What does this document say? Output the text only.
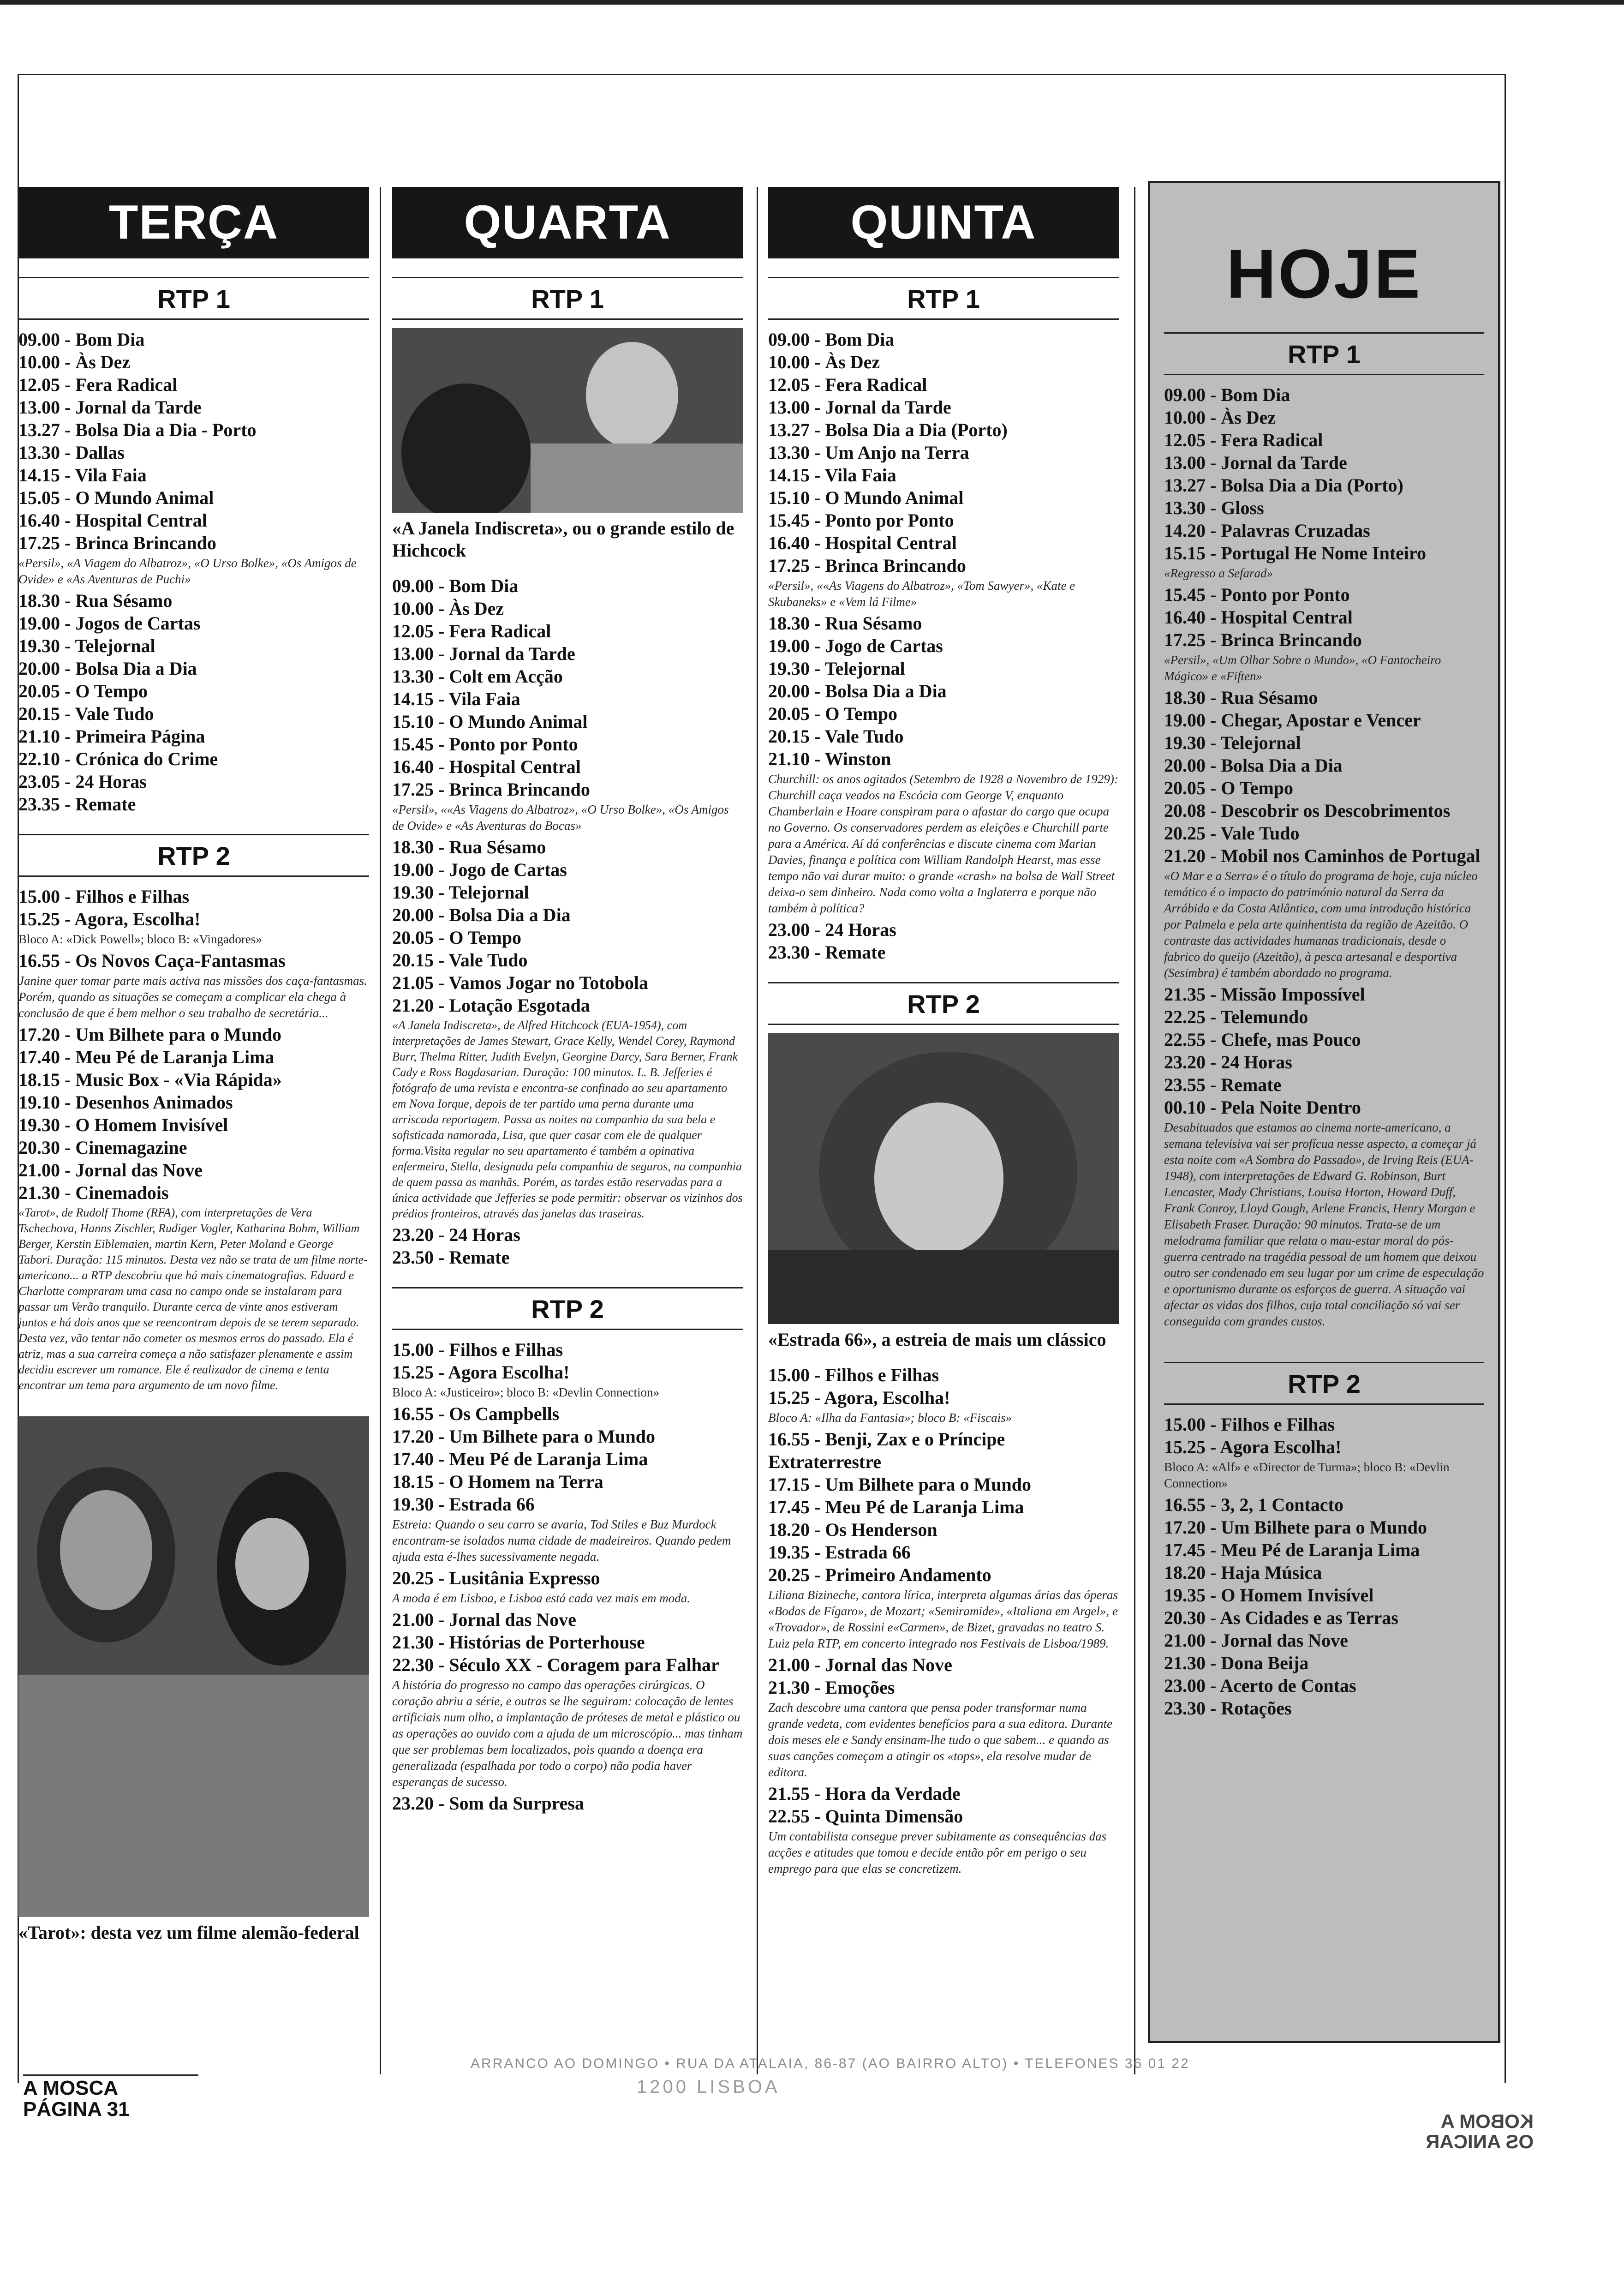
TERÇA
RTP 1
09.00 - Bom Dia
10.00 - Às Dez
12.05 - Fera Radical
13.00 - Jornal da Tarde
13.27 - Bolsa Dia a Dia - Porto
13.30 - Dallas
14.15 - Vila Faia
15.05 - O Mundo Animal
16.40 - Hospital Central
17.25 - Brinca Brincando
«Persil», «A Viagem do Albatroz», «O Urso Bolke», «Os Amigos de Ovide» e «As Aventuras de Puchi»
18.30 - Rua Sésamo
19.00 - Jogos de Cartas
19.30 - Telejornal
20.00 - Bolsa Dia a Dia
20.05 - O Tempo
20.15 - Vale Tudo
21.10 - Primeira Página
22.10 - Crónica do Crime
23.05 - 24 Horas
23.35 - Remate
RTP 2
15.00 - Filhos e Filhas
15.25 - Agora, Escolha!
Bloco A: «Dick Powell»; bloco B: «Vingadores»
16.55 - Os Novos Caça-Fantasmas
Janine quer tomar parte mais activa nas missões dos caça-fantasmas. Porém, quando as situações se começam a complicar ela chega à conclusão de que é bem melhor o seu trabalho de secretária...
17.20 - Um Bilhete para o Mundo
17.40 - Meu Pé de Laranja Lima
18.15 - Music Box - «Via Rápida»
19.10 - Desenhos Animados
19.30 - O Homem Invisível
20.30 - Cinemagazine
21.00 - Jornal das Nove
21.30 - Cinemadois
«Tarot», de Rudolf Thome (RFA), com interpretações de Vera Tschechova, Hanns Zischler, Rudiger Vogler, Katharina Bohm, William Berger, Kerstin Eiblemaien, martin Kern, Peter Moland e George Tabori. Duração: 115 minutos. Desta vez não se trata de um filme norte-americano... a RTP descobriu que há mais cinematografias. Eduard e Charlotte compraram uma casa no campo onde se instalaram para passar um Verão tranquilo. Durante cerca de vinte anos estiveram juntos e há dois anos que se reencontram depois de se terem separado. Desta vez, vão tentar não cometer os mesmos erros do passado. Ela é atriz, mas a sua carreira começa a não satisfazer plenamente e assim decidiu escrever um romance. Ele é realizador de cinema e tenta encontrar um tema para argumento de um novo filme.
«Tarot»: desta vez um filme alemão-federal
QUARTA
RTP 1
«A Janela Indiscreta», ou o grande estilo de Hichcock
09.00 - Bom Dia
10.00 - Às Dez
12.05 - Fera Radical
13.00 - Jornal da Tarde
13.30 - Colt em Acção
14.15 - Vila Faia
15.10 - O Mundo Animal
15.45 - Ponto por Ponto
16.40 - Hospital Central
17.25 - Brinca Brincando
«Persil», ««As Viagens do Albatroz», «O Urso Bolke», «Os Amigos de Ovide» e «As Aventuras do Bocas»
18.30 - Rua Sésamo
19.00 - Jogo de Cartas
19.30 - Telejornal
20.00 - Bolsa Dia a Dia
20.05 - O Tempo
20.15 - Vale Tudo
21.05 - Vamos Jogar no Totobola
21.20 - Lotação Esgotada
«A Janela Indiscreta», de Alfred Hitchcock (EUA-1954), com interpretações de James Stewart, Grace Kelly, Wendel Corey, Raymond Burr, Thelma Ritter, Judith Evelyn, Georgine Darcy, Sara Berner, Frank Cady e Ross Bagdasarian. Duração: 100 minutos. L. B. Jefferies é fotógrafo de uma revista e encontra-se confinado ao seu apartamento em Nova Iorque, depois de ter partido uma perna durante uma arriscada reportagem. Passa as noites na companhia da sua bela e sofisticada namorada, Lisa, que quer casar com ele de qualquer forma.Visita regular no seu apartamento é também a opinativa enfermeira, Stella, designada pela companhia de seguros, na companhia de quem passa as manhãs. Porém, as tardes estão reservadas para a única actividade que Jefferies se pode permitir: observar os vizinhos dos prédios fronteiros, através das janelas das traseiras.
23.20 - 24 Horas
23.50 - Remate
RTP 2
15.00 - Filhos e Filhas
15.25 - Agora Escolha!
Bloco A: «Justiceiro»; bloco B: «Devlin Connection»
16.55 - Os Campbells
17.20 - Um Bilhete para o Mundo
17.40 - Meu Pé de Laranja Lima
18.15 - O Homem na Terra
19.30 - Estrada 66
Estreia: Quando o seu carro se avaria, Tod Stiles e Buz Murdock encontram-se isolados numa cidade de madeireiros. Quando pedem ajuda esta é-lhes sucessivamente negada.
20.25 - Lusitânia Expresso
A moda é em Lisboa, e Lisboa está cada vez mais em moda.
21.00 - Jornal das Nove
21.30 - Histórias de Porterhouse
22.30 - Século XX - Coragem para Falhar
A história do progresso no campo das operações cirúrgicas. O coração abriu a série, e outras se lhe seguiram: colocação de lentes artificiais num olho, a implantação de próteses de metal e plástico ou as operações ao ouvido com a ajuda de um microscópio... mas tinham que ser problemas bem localizados, pois quando a doença era generalizada (espalhada por todo o corpo) não podia haver esperanças de sucesso.
23.20 - Som da Surpresa
QUINTA
RTP 1
09.00 - Bom Dia
10.00 - Às Dez
12.05 - Fera Radical
13.00 - Jornal da Tarde
13.27 - Bolsa Dia a Dia (Porto)
13.30 - Um Anjo na Terra
14.15 - Vila Faia
15.10 - O Mundo Animal
15.45 - Ponto por Ponto
16.40 - Hospital Central
17.25 - Brinca Brincando
«Persil», ««As Viagens do Albatroz», «Tom Sawyer», «Kate e Skubaneks» e «Vem lá Filme»
18.30 - Rua Sésamo
19.00 - Jogo de Cartas
19.30 - Telejornal
20.00 - Bolsa Dia a Dia
20.05 - O Tempo
20.15 - Vale Tudo
21.10 - Winston
Churchill: os anos agitados (Setembro de 1928 a Novembro de 1929): Churchill caça veados na Escócia com George V, enquanto Chamberlain e Hoare conspiram para o afastar do cargo que ocupa no Governo. Os conservadores perdem as eleições e Churchill parte para a América. Aí dá conferências e discute cinema com Marian Davies, finança e política com William Randolph Hearst, mas esse tempo não vai durar muito: o grande «crash» na bolsa de Wall Street deixa-o sem dinheiro. Nada como volta a Inglaterra e porque não também à política?
23.00 - 24 Horas
23.30 - Remate
RTP 2
«Estrada 66», a estreia de mais um clássico
15.00 - Filhos e Filhas
15.25 - Agora, Escolha!
Bloco A: «Ilha da Fantasia»; bloco B: «Fiscais»
16.55 - Benji, Zax e o Príncipe Extraterrestre
17.15 - Um Bilhete para o Mundo
17.45 - Meu Pé de Laranja Lima
18.20 - Os Henderson
19.35 - Estrada 66
20.25 - Primeiro Andamento
Liliana Bizineche, cantora lírica, interpreta algumas árias das óperas «Bodas de Fígaro», de Mozart; «Semiramide», «Italiana em Argel», e «Trovador», de Rossini e«Carmen», de Bizet, gravadas no teatro S. Luiz pela RTP, em concerto integrado nos Festivais de Lisboa/1989.
21.00 - Jornal das Nove
21.30 - Emoções
Zach descobre uma cantora que pensa poder transformar numa grande vedeta, com evidentes benefícios para a sua editora. Durante dois meses ele e Sandy ensinam-lhe tudo o que sabem... e quando as suas canções começam a atingir os «tops», ela resolve mudar de editora.
21.55 - Hora da Verdade
22.55 - Quinta Dimensão
Um contabilista consegue prever subitamente as consequências das acções e atitudes que tomou e decide então pôr em perigo o seu emprego para que elas se concretizem.
HOJE
RTP 1
09.00 - Bom Dia
10.00 - Às Dez
12.05 - Fera Radical
13.00 - Jornal da Tarde
13.27 - Bolsa Dia a Dia (Porto)
13.30 - Gloss
14.20 - Palavras Cruzadas
15.15 - Portugal He Nome Inteiro
«Regresso a Sefarad»
15.45 - Ponto por Ponto
16.40 - Hospital Central
17.25 - Brinca Brincando
«Persil», «Um Olhar Sobre o Mundo», «O Fantocheiro Mágico» e «Fiften»
18.30 - Rua Sésamo
19.00 - Chegar, Apostar e Vencer
19.30 - Telejornal
20.00 - Bolsa Dia a Dia
20.05 - O Tempo
20.08 - Descobrir os Descobrimentos
20.25 - Vale Tudo
21.20 - Mobil nos Caminhos de Portugal
«O Mar e a Serra» é o título do programa de hoje, cuja núcleo temático é o impacto do património natural da Serra da Arrábida e da Costa Atlântica, com uma introdução histórica por Palmela e pela arte quinhentista da região de Azeitão. O contraste das actividades humanas tradicionais, desde o fabrico do queijo (Azeitão), à pesca artesanal e desportiva (Sesimbra) é também abordado no programa.
21.35 - Missão Impossível
22.25 - Telemundo
22.55 - Chefe, mas Pouco
23.20 - 24 Horas
23.55 - Remate
00.10 - Pela Noite Dentro
Desabituados que estamos ao cinema norte-americano, a semana televisiva vai ser profícua nesse aspecto, a começar já esta noite com «A Sombra do Passado», de Irving Reis (EUA-1948), com interpretações de Edward G. Robinson, Burt Lencaster, Mady Christians, Louisa Horton, Howard Duff, Frank Conroy, Lloyd Gough, Arlene Francis, Henry Morgan e Elisabeth Fraser. Duração: 90 minutos. Trata-se de um melodrama familiar que relata o mau-estar moral do pós-guerra centrado na tragédia pessoal de um homem que deixou outro ser condenado em seu lugar por um crime de especulação e oportunismo durante os esforços de guerra. A situação vai afectar as vidas dos filhos, cuja total conciliação só vai ser conseguida com grandes custos.
RTP 2
15.00 - Filhos e Filhas
15.25 - Agora Escolha!
Bloco A: «Alf» e «Director de Turma»; bloco B: «Devlin Connection»
16.55 - 3, 2, 1 Contacto
17.20 - Um Bilhete para o Mundo
17.45 - Meu Pé de Laranja Lima
18.20 - Haja Música
19.35 - O Homem Invisível
20.30 - As Cidades e as Terras
21.00 - Jornal das Nove
21.30 - Dona Beija
23.00 - Acerto de Contas
23.30 - Rotações
ARRANCO AO DOMINGO • RUA DA ATALAIA, 86-87 (AO BAIRRO ALTO) • TELEFONES 36 01 22
1200 LISBOA
A MOSCA
PÁGINA 31
KOBOM A
OS ANICAR
